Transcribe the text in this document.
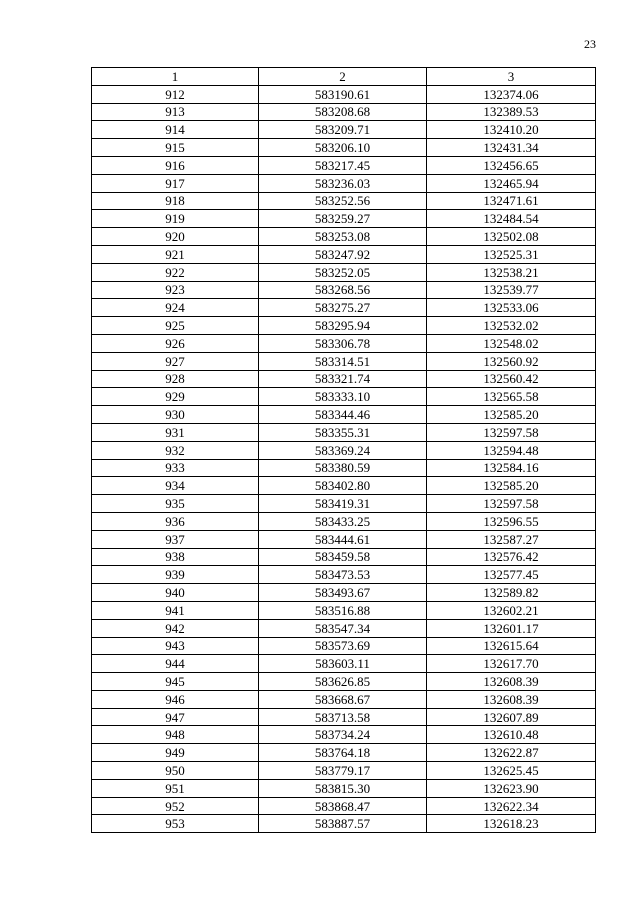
23
1	2	3
912	583190.61	132374.06
913	583208.68	132389.53
914	583209.71	132410.20
915	583206.10	132431.34
916	583217.45	132456.65
917	583236.03	132465.94
918	583252.56	132471.61
919	583259.27	132484.54
920	583253.08	132502.08
921	583247.92	132525.31
922	583252.05	132538.21
923	583268.56	132539.77
924	583275.27	132533.06
925	583295.94	132532.02
926	583306.78	132548.02
927	583314.51	132560.92
928	583321.74	132560.42
929	583333.10	132565.58
930	583344.46	132585.20
931	583355.31	132597.58
932	583369.24	132594.48
933	583380.59	132584.16
934	583402.80	132585.20
935	583419.31	132597.58
936	583433.25	132596.55
937	583444.61	132587.27
938	583459.58	132576.42
939	583473.53	132577.45
940	583493.67	132589.82
941	583516.88	132602.21
942	583547.34	132601.17
943	583573.69	132615.64
944	583603.11	132617.70
945	583626.85	132608.39
946	583668.67	132608.39
947	583713.58	132607.89
948	583734.24	132610.48
949	583764.18	132622.87
950	583779.17	132625.45
951	583815.30	132623.90
952	583868.47	132622.34
953	583887.57	132618.23
